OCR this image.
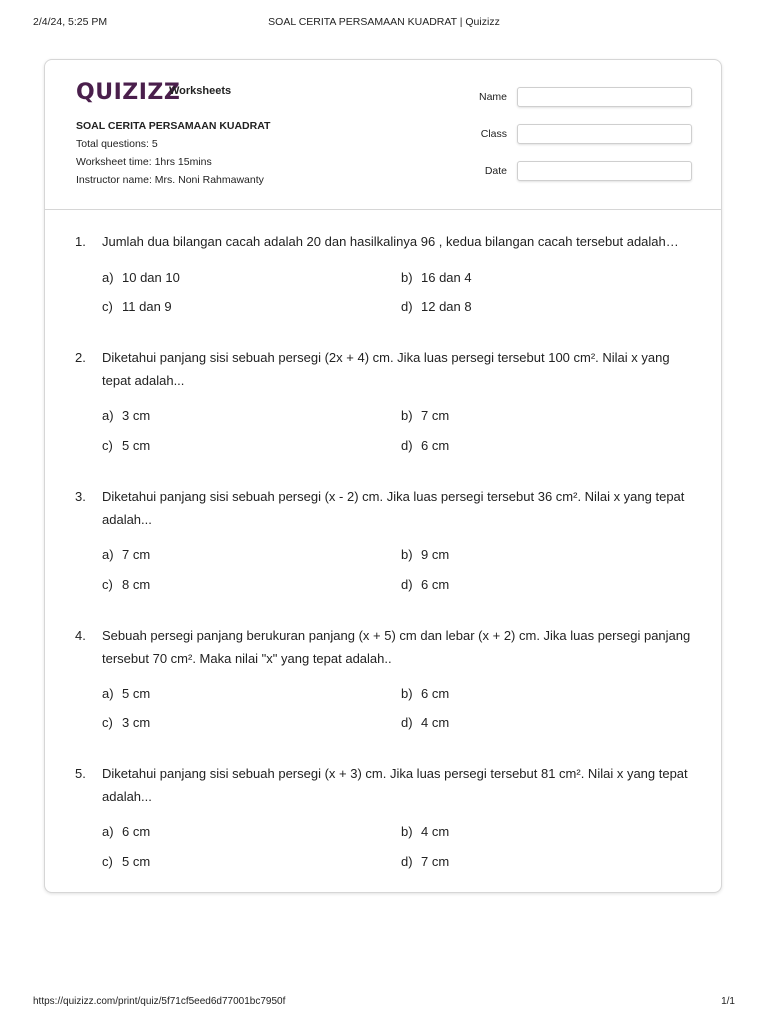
SOAL CERITA PERSAMAAN KUADRAT | Quizizz
2/4/24, 5:25 PM
QUIZIZZ
Worksheets
SOAL CERITA PERSAMAAN KUADRAT
Total questions: 5
Worksheet time: 1hrs 15mins
Instructor name: Mrs. Noni Rahmawanty
Name
Class
Date
1. Jumlah dua bilangan cacah adalah 20 dan hasilkalinya 96 , kedua bilangan cacah tersebut adalah…
a) 10 dan 10	b) 16 dan 4
c) 11 dan 9	d) 12 dan 8
2. Diketahui panjang sisi sebuah persegi (2x + 4) cm. Jika luas persegi tersebut 100 cm². Nilai x yang tepat adalah...
a) 3 cm	b) 7 cm
c) 5 cm	d) 6 cm
3. Diketahui panjang sisi sebuah persegi (x - 2) cm. Jika luas persegi tersebut 36 cm². Nilai x yang tepat adalah...
a) 7 cm	b) 9 cm
c) 8 cm	d) 6 cm
4. Sebuah persegi panjang berukuran panjang (x + 5) cm dan lebar (x + 2) cm. Jika luas persegi panjang tersebut 70 cm². Maka nilai "x" yang tepat adalah..
a) 5 cm	b) 6 cm
c) 3 cm	d) 4 cm
5. Diketahui panjang sisi sebuah persegi (x + 3) cm. Jika luas persegi tersebut 81 cm². Nilai x yang tepat adalah...
a) 6 cm	b) 4 cm
c) 5 cm	d) 7 cm
https://quizizz.com/print/quiz/5f71cf5eed6d77001bc7950f	1/1
